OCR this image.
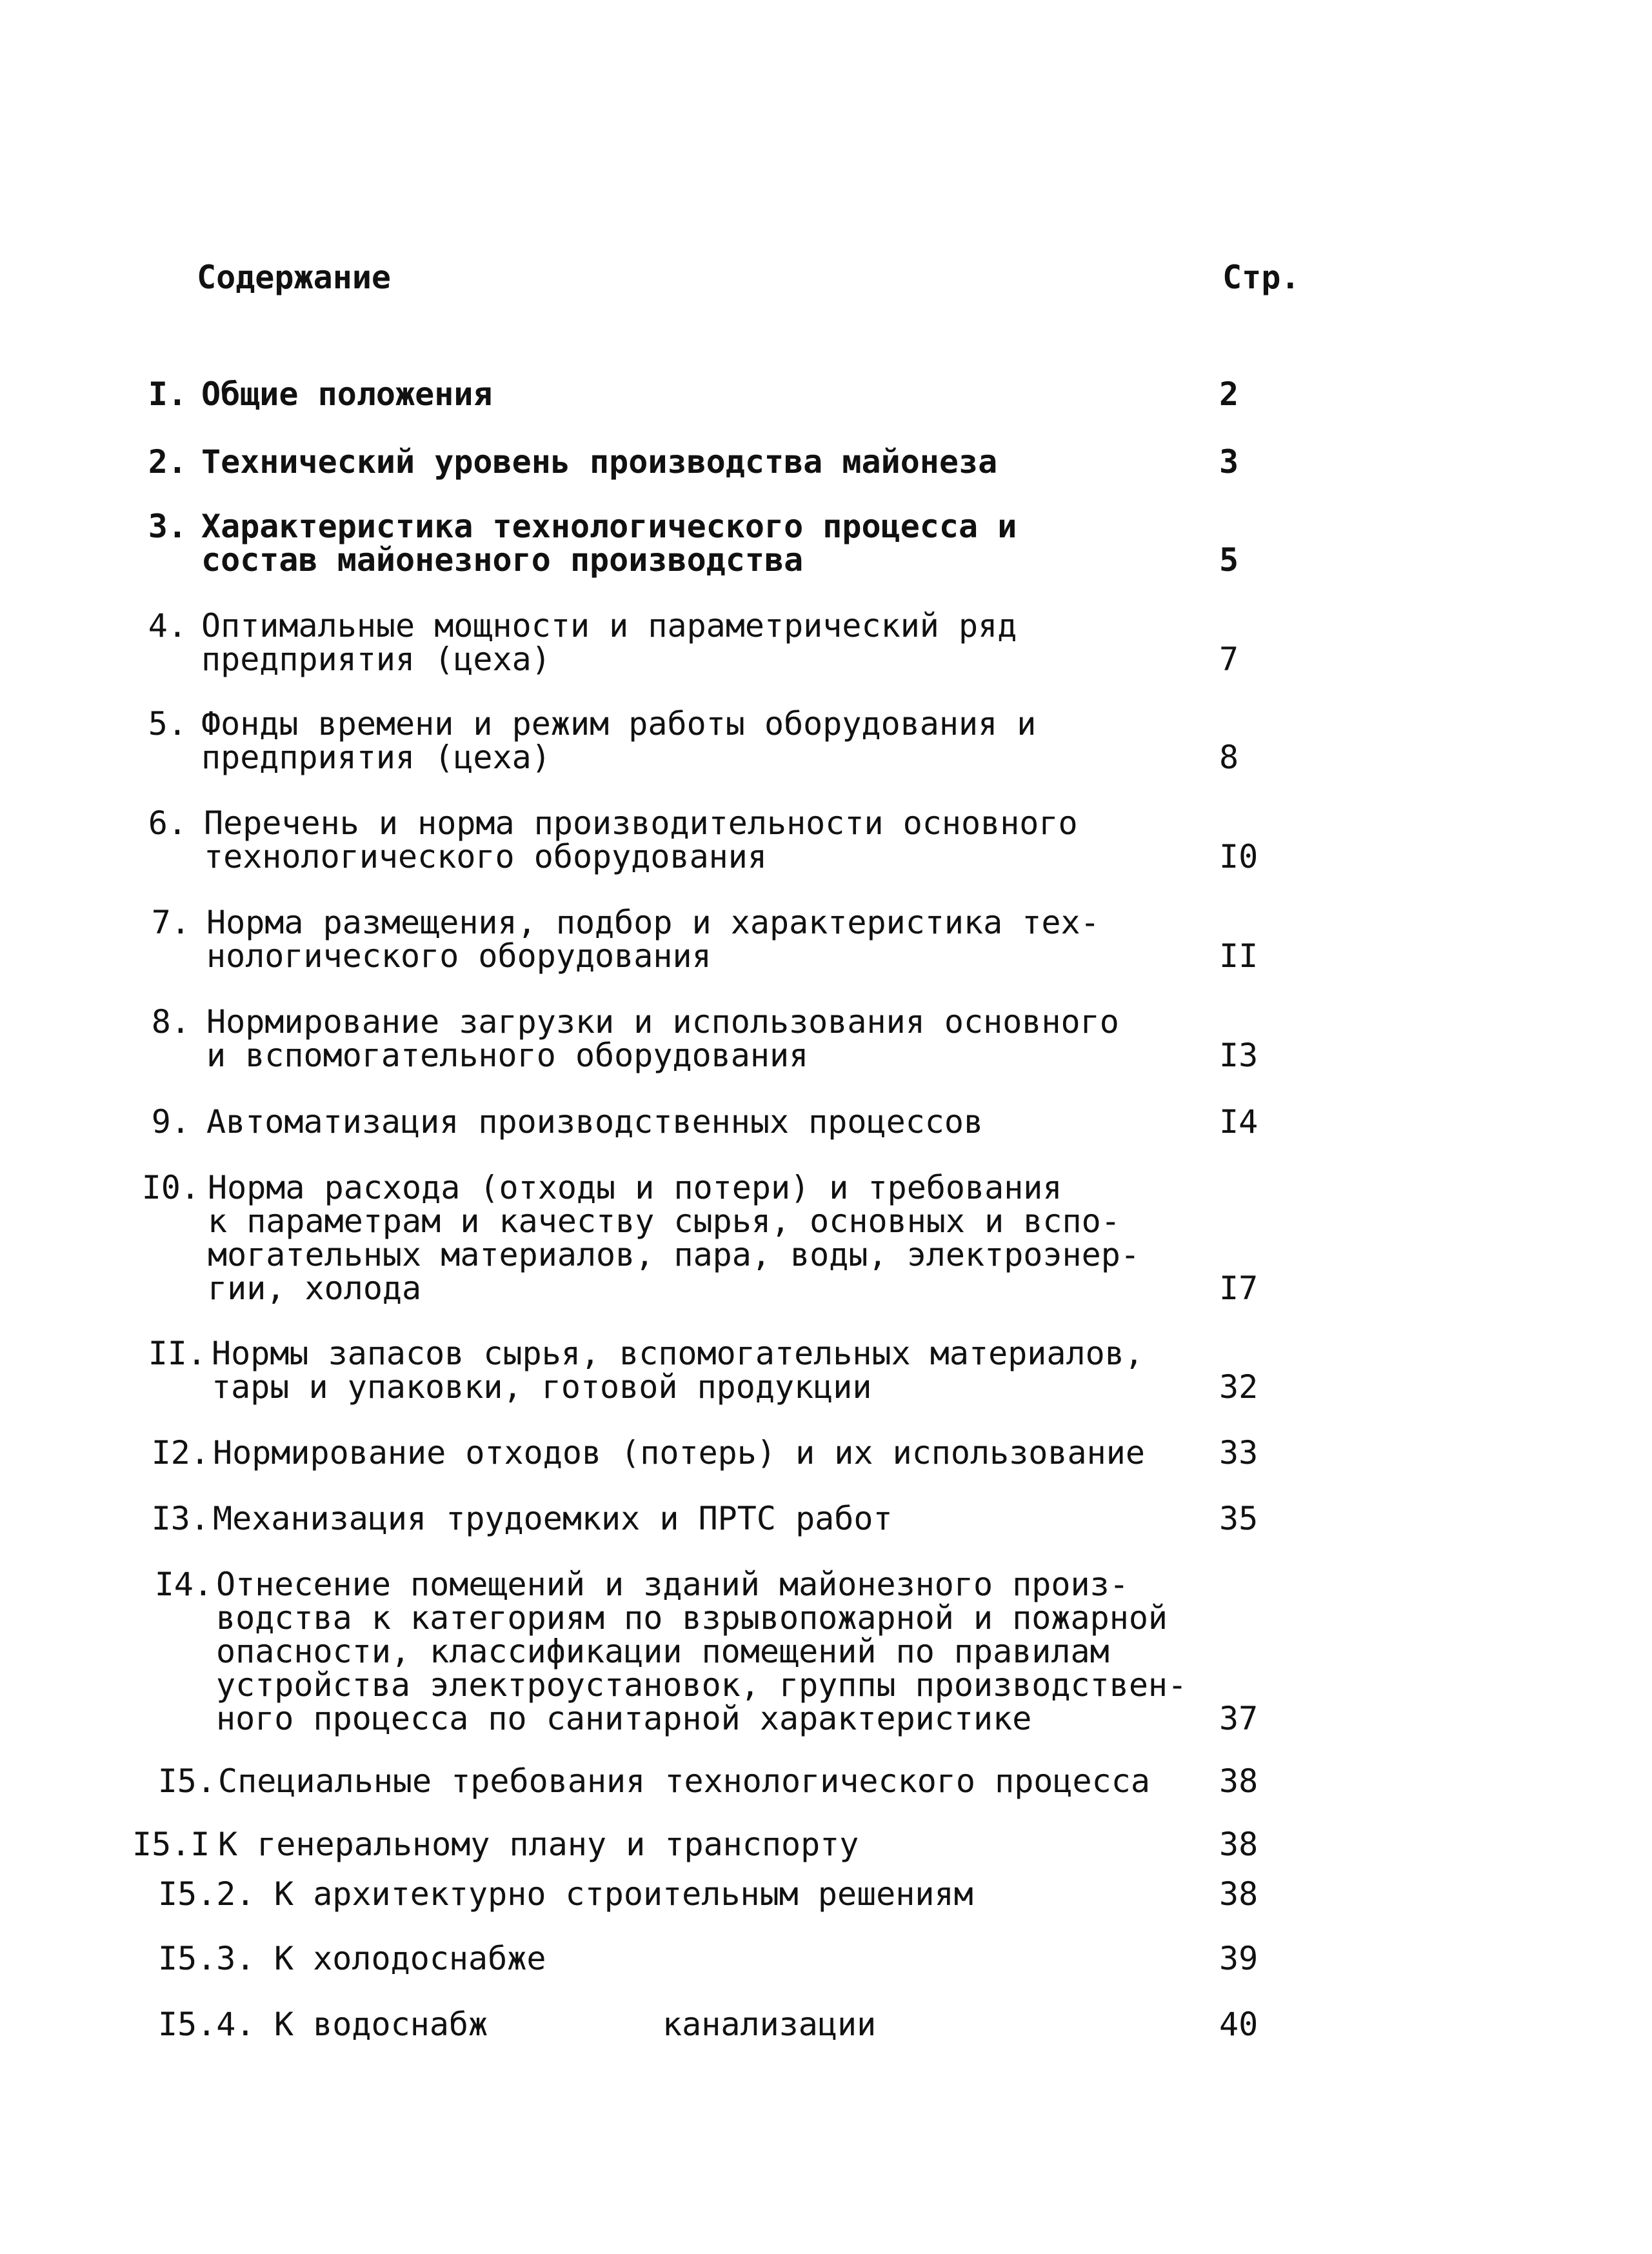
Содержание	Стр.
I. Общие положения	2
2. Технический уровень производства майонеза	3
3. Характеристика технологического процесса и
состав майонезного производства	5
4. Оптимальные мощности и параметрический ряд
предприятия (цеха)	7
5. Фонды времени и режим работы оборудования и
предприятия (цеха)	8
6. Перечень и норма производительности основного
технологического оборудования	I0
7. Норма размещения, подбор и характеристика тех-
нологического оборудования	II
8. Нормирование загрузки и использования основного
и вспомогательного оборудования	I3
9. Автоматизация производственных процессов	I4
I0. Норма расхода (отходы и потери) и требования
к параметрам и качеству сырья, основных и вспо-
могательных материалов, пара, воды, электроэнер-
гии, холода	I7
II. Нормы запасов сырья, вспомогательных материалов,
тары и упаковки, готовой продукции	32
I2. Нормирование отходов (потерь) и их использование 33
I3. Механизация трудоемких и ПРТС работ	35
I4. Отнесение помещений и зданий майонезного произ-
водства к категориям по взрывопожарной и пожарной
опасности, классификации помещений по правилам
устройства электроустановок, группы производствен-
ного процесса по санитарной характеристике	37
I5. Специальные требования технологического процесса 38
I5.I К генеральному плану и транспорту	38
I5.2. К архитектурно строительным решениям	38
I5.3. К холодоснабже	39
I5.4. К водоснабж         канализации	40
